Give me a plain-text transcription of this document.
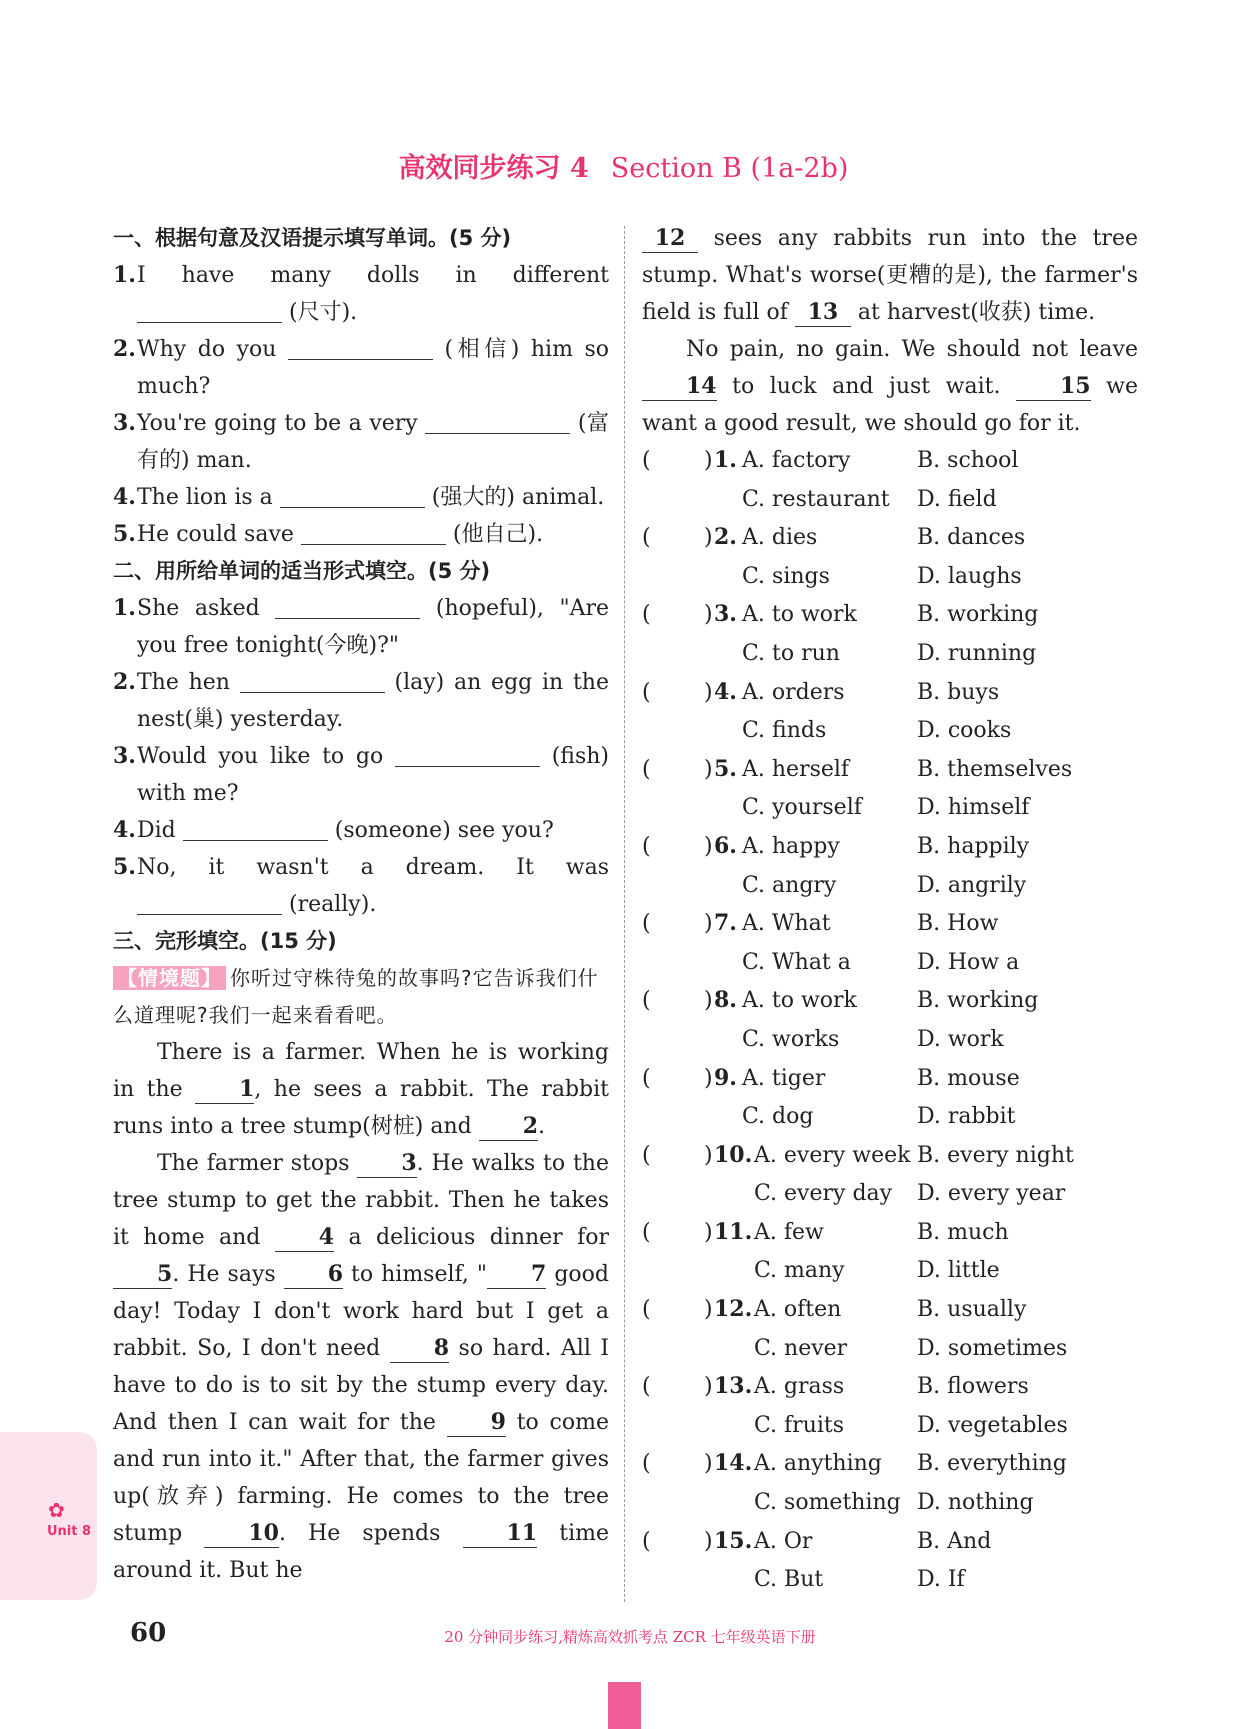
高效同步练习 4 Section B (1a-2b)
一、根据句意及汉语提示填写单词。(5 分)
1. I have many dolls in different  (尺寸).
2. Why do you	(相信) him so much?
3. You're going to be a very	(富有的) man.
4. The lion is a	(强大的) animal.
5. He could save	(他自己).
二、用所给单词的适当形式填空。(5 分)
1. She asked	(hopeful), "Are you free tonight(今晚)?"
2. The hen	(lay) an egg in the nest(巢) yesterday.
3. Would you like to go	(fish) with me?
4. Did	(someone) see you?
5. No, it wasn't a dream. It was  (really).
三、完形填空。(15 分)
【情境题】 你听过守株待兔的故事吗?它告诉我们什么道理呢?我们一起来看看吧。
There is a farmer. When he is working in the	1, he sees a rabbit. The rabbit runs into a tree stump(树桩) and 2.
The farmer stops 3. He walks to the tree stump to get the rabbit. Then he takes it home and	4 a delicious dinner for 5. He says 6 to himself, " 7 good day! Today I don't work hard but I get a rabbit. So, I don't need 8 so hard. All I have to do is to sit by the stump every day. And then I can wait for the 9 to come and run into it." After that, the farmer gives up(放弃) farming. He comes to the tree stump	10. He spends	11 time around it. But he
12 sees any rabbits run into the tree stump. What's worse(更糟的是), the farmer's field is full of 13 at harvest(收获) time.
No pain, no gain. We should not leave 14 to luck and just wait.	15 we want a good result, we should go for it.
( ) 1. A. factory	B. school
C. restaurant D. field
( ) 2. A. dies	B. dances
C. sings	D. laughs
( ) 3. A. to work	B. working
C. to run	D. running
( ) 4. A. orders	B. buys
C. finds	D. cooks
( ) 5. A. herself	B. themselves
C. yourself	D. himself
( ) 6. A. happy	B. happily
C. angry	D. angrily
( ) 7. A. What	B. How
C. What a	D. How a
( ) 8. A. to work	B. working
C. works	D. work
( ) 9. A. tiger	B. mouse
C. dog	D. rabbit
( ) 10. A. every week B. every night
C. every day D. every year
( ) 11. A. few	B. much
C. many	D. little
( ) 12. A. often	B. usually
C. never	D. sometimes
( ) 13. A. grass	B. flowers
C. fruits	D. vegetables
( ) 14. A. anything B. everything
C. something D. nothing
( ) 15. A. Or	B. And
C. But	D. If
✿
Unit 8
60	20 分钟同步练习,精炼高效抓考点 ZCR 七年级英语下册
